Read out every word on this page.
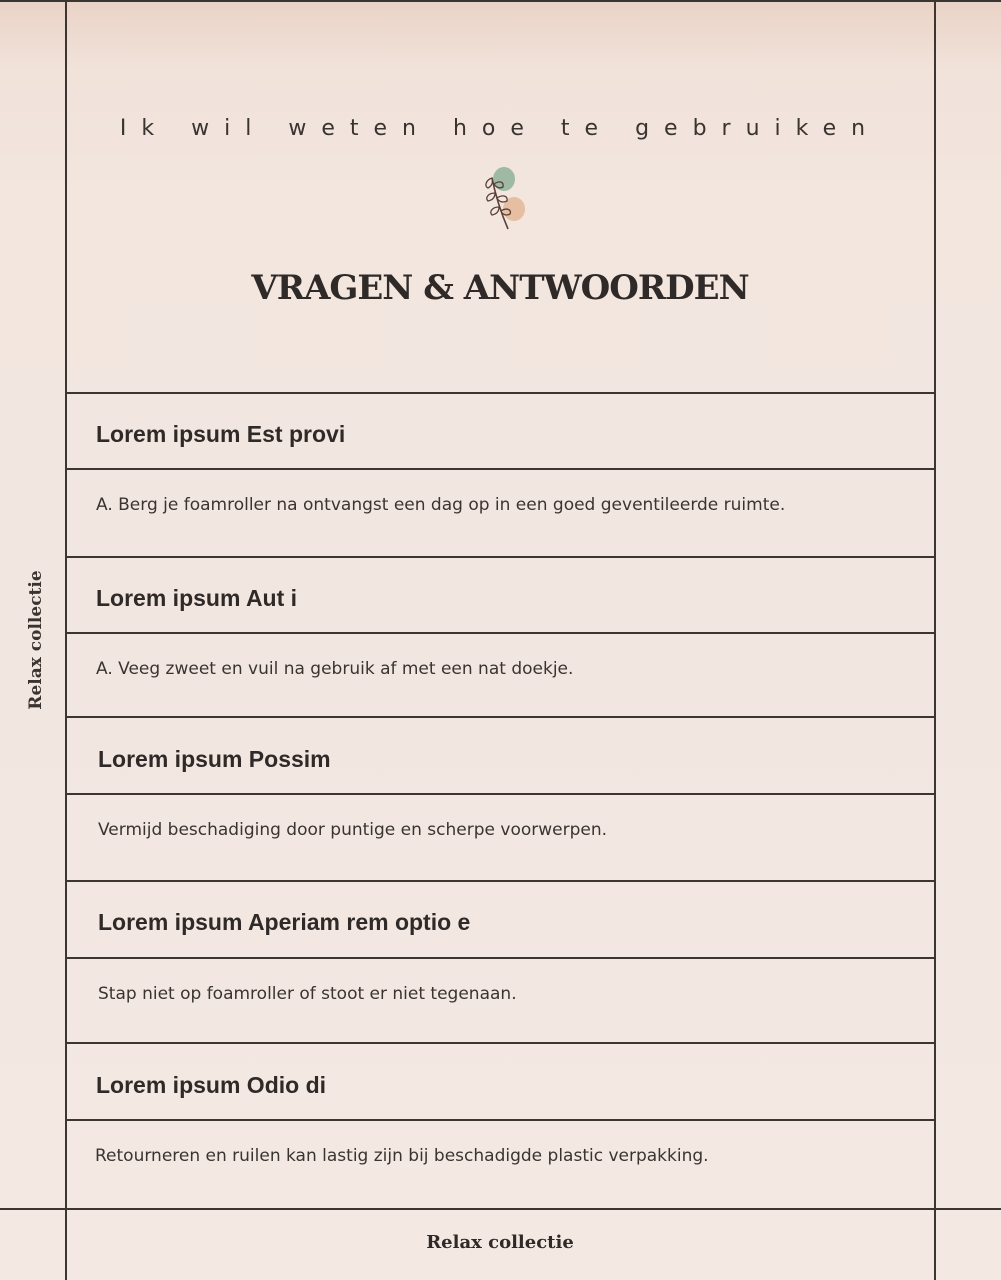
Relax collectie
Ik wil weten hoe te gebruiken
VRAGEN & ANTWOORDEN
Lorem ipsum Est provi
A. Berg je foamroller na ontvangst een dag op in een goed geventileerde ruimte.
Lorem ipsum Aut i
A. Veeg zweet en vuil na gebruik af met een nat doekje.
Lorem ipsum Possim
Vermijd beschadiging door puntige en scherpe voorwerpen.
Lorem ipsum Aperiam rem optio e
Stap niet op foamroller of stoot er niet tegenaan.
Lorem ipsum Odio di
Retourneren en ruilen kan lastig zijn bij beschadigde plastic verpakking.
Relax collectie
